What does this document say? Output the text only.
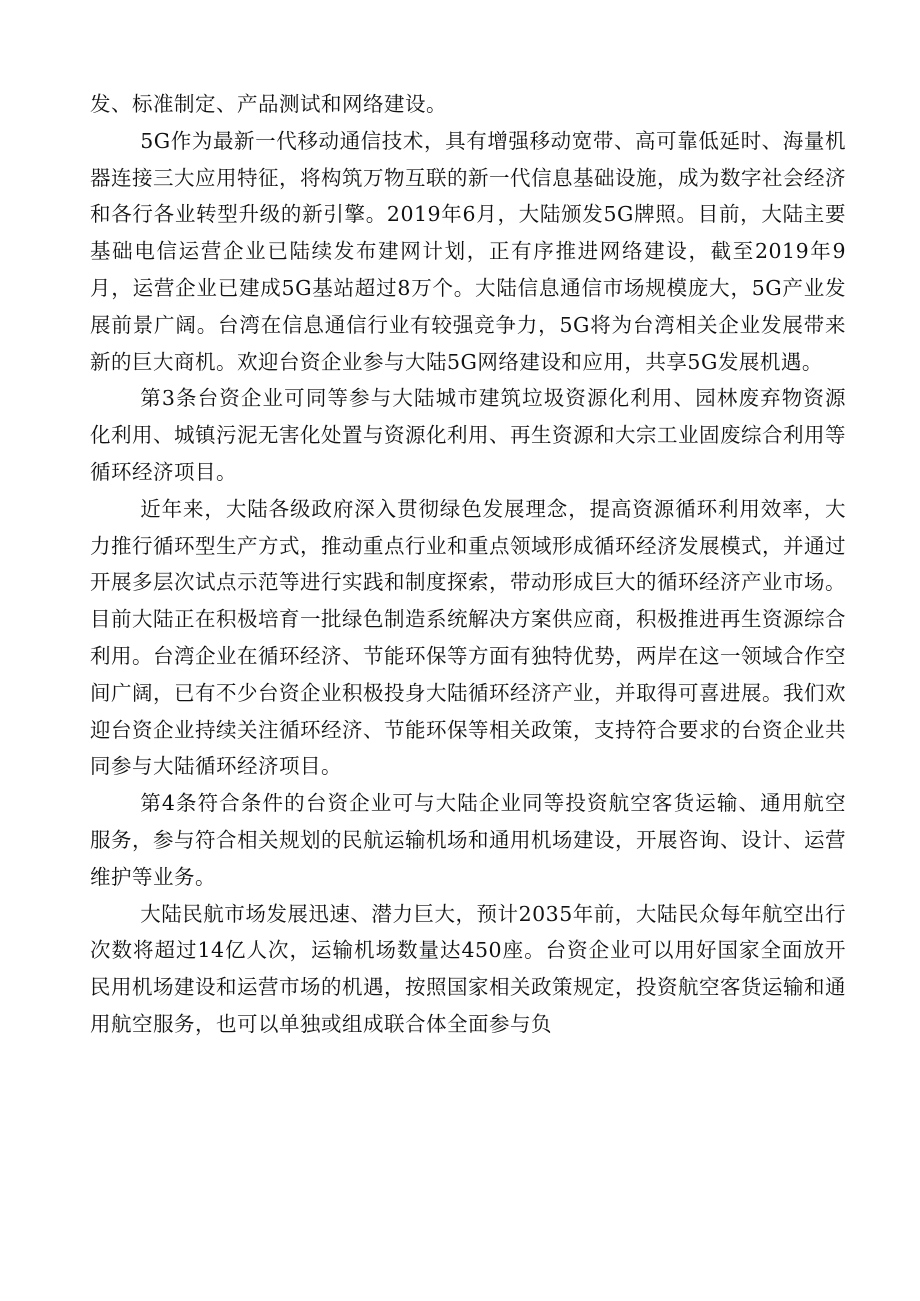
发、标准制定、产品测试和网络建设。

5G作为最新一代移动通信技术，具有增强移动宽带、高可靠低延时、海量机器连接三大应用特征，将构筑万物互联的新一代信息基础设施，成为数字社会经济和各行各业转型升级的新引擎。2019年6月，大陆颁发5G牌照。目前，大陆主要基础电信运营企业已陆续发布建网计划，正有序推进网络建设，截至2019年9月，运营企业已建成5G基站超过8万个。大陆信息通信市场规模庞大，5G产业发展前景广阔。台湾在信息通信行业有较强竞争力，5G将为台湾相关企业发展带来新的巨大商机。欢迎台资企业参与大陆5G网络建设和应用，共享5G发展机遇。

第3条台资企业可同等参与大陆城市建筑垃圾资源化利用、园林废弃物资源化利用、城镇污泥无害化处置与资源化利用、再生资源和大宗工业固废综合利用等循环经济项目。

近年来，大陆各级政府深入贯彻绿色发展理念，提高资源循环利用效率，大力推行循环型生产方式，推动重点行业和重点领域形成循环经济发展模式，并通过开展多层次试点示范等进行实践和制度探索，带动形成巨大的循环经济产业市场。目前大陆正在积极培育一批绿色制造系统解决方案供应商，积极推进再生资源综合利用。台湾企业在循环经济、节能环保等方面有独特优势，两岸在这一领域合作空间广阔，已有不少台资企业积极投身大陆循环经济产业，并取得可喜进展。我们欢迎台资企业持续关注循环经济、节能环保等相关政策，支持符合要求的台资企业共同参与大陆循环经济项目。

第4条符合条件的台资企业可与大陆企业同等投资航空客货运输、通用航空服务，参与符合相关规划的民航运输机场和通用机场建设，开展咨询、设计、运营维护等业务。

大陆民航市场发展迅速、潜力巨大，预计2035年前，大陆民众每年航空出行次数将超过14亿人次，运输机场数量达450座。台资企业可以用好国家全面放开民用机场建设和运营市场的机遇，按照国家相关政策规定，投资航空客货运输和通用航空服务，也可以单独或组成联合体全面参与负
